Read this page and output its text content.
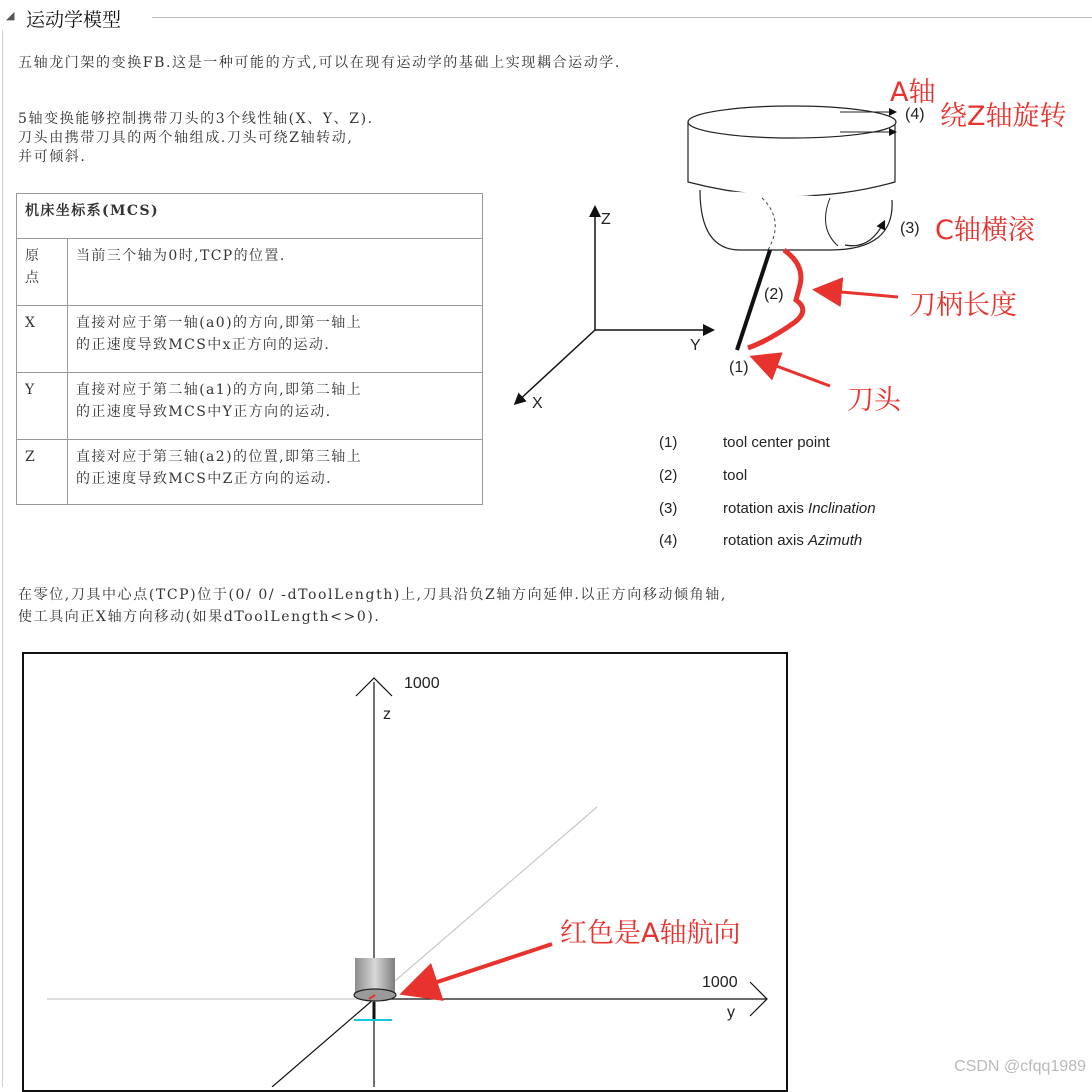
◢ 运动学模型
五轴龙门架的变换FB.这是一种可能的方式,可以在现有运动学的基础上实现耦合运动学.
5轴变换能够控制携带刀头的3个线性轴(X、Y、Z).
刀头由携带刀具的两个轴组成.刀头可绕Z轴转动,
并可倾斜.
机床坐标系(MCS)	

原
点	当前三个轴为0时,TCP的位置.

X	直接对应于第一轴(a0)的方向,即第一轴上
的正速度导致MCS中x正方向的运动.

Y	直接对应于第二轴(a1)的方向,即第二轴上
的正速度导致MCS中Y正方向的运动.

Z	直接对应于第三轴(a2)的位置,即第三轴上
的正速度导致MCS中Z正方向的运动.
Z
Y
X
(1)
(2)
(3)
(4)
A轴
绕Z轴旋转
C轴横滚
刀柄长度
刀头
(1)	tool center point
(2)	tool
(3)	rotation axis Inclination
(4)	rotation axis Azimuth
在零位,刀具中心点(TCP)位于(0/ 0/ -dToolLength)上,刀具沿负Z轴方向延伸.以正方向移动倾角轴,
使工具向正X轴方向移动(如果dToolLength<>0).
1000
z
1000
y
红色是A轴航向
CSDN @cfqq1989
